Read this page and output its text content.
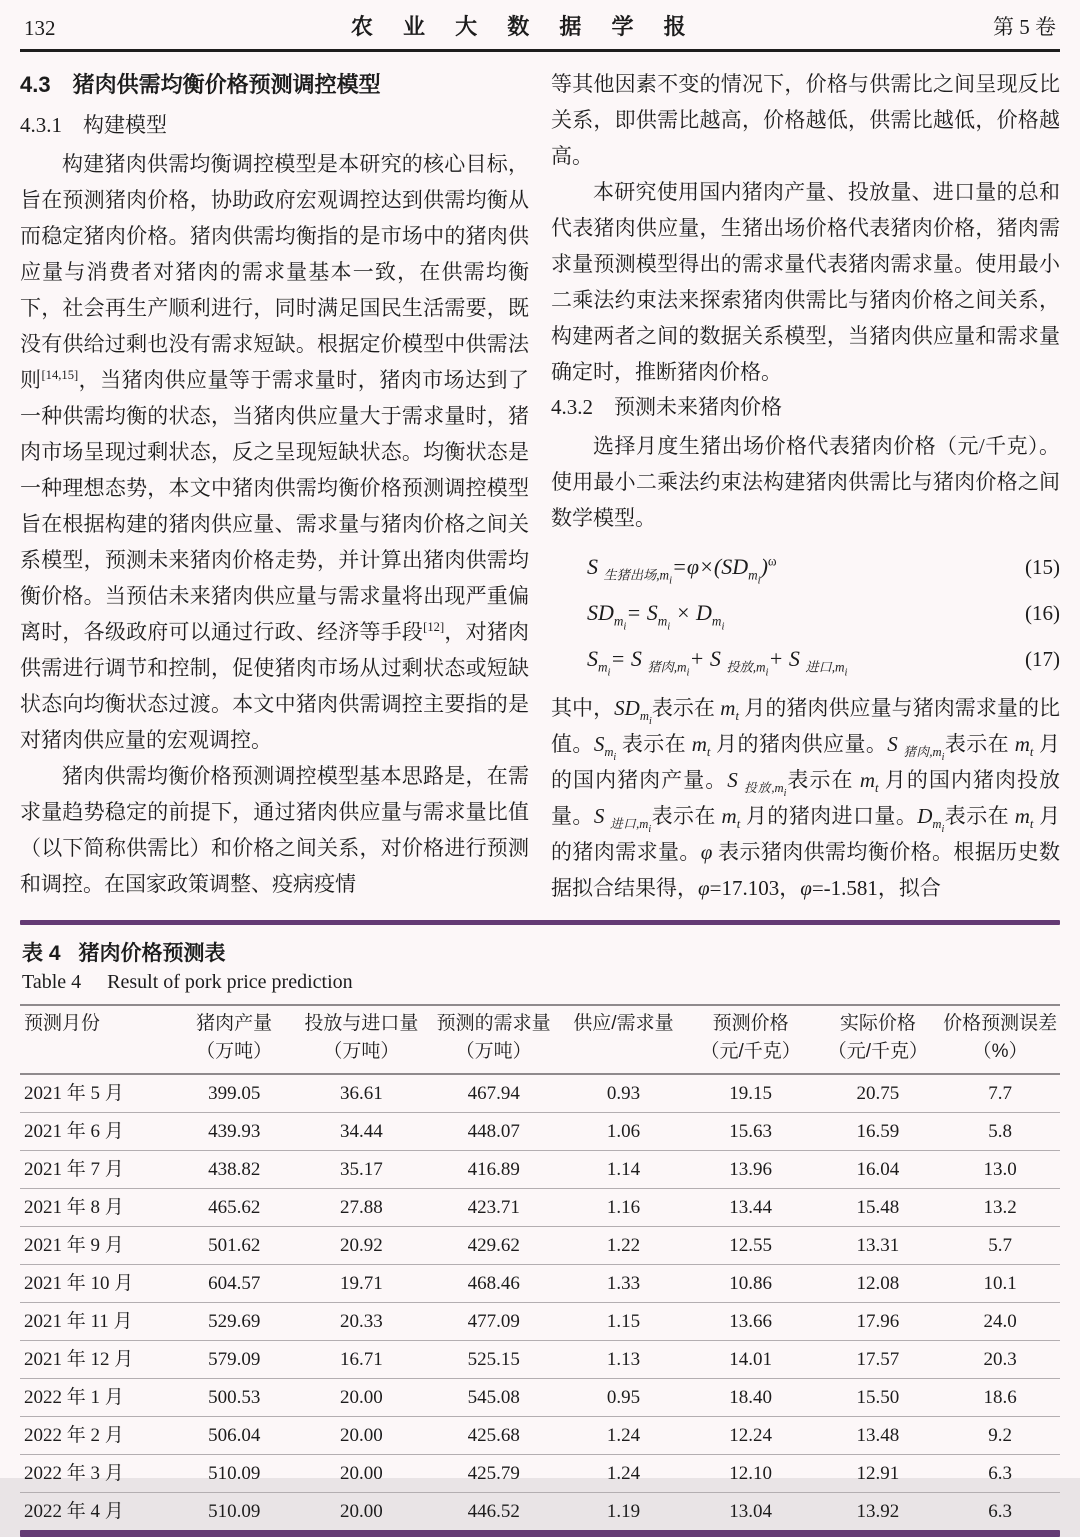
132	农 业 大 数 据 学 报	第 5 卷
4.3　猪肉供需均衡价格预测调控模型
4.3.1　构建模型

构建猪肉供需均衡调控模型是本研究的核心目标，旨在预测猪肉价格，协助政府宏观调控达到供需均衡从而稳定猪肉价格。猪肉供需均衡指的是市场中的猪肉供应量与消费者对猪肉的需求量基本一致，在供需均衡下，社会再生产顺利进行，同时满足国民生活需要，既没有供给过剩也没有需求短缺。根据定价模型中供需法则[14,15]，当猪肉供应量等于需求量时，猪肉市场达到了一种供需均衡的状态，当猪肉供应量大于需求量时，猪肉市场呈现过剩状态，反之呈现短缺状态。均衡状态是一种理想态势，本文中猪肉供需均衡价格预测调控模型旨在根据构建的猪肉供应量、需求量与猪肉价格之间关系模型，预测未来猪肉价格走势，并计算出猪肉供需均衡价格。当预估未来猪肉供应量与需求量将出现严重偏离时，各级政府可以通过行政、经济等手段[12]，对猪肉供需进行调节和控制，促使猪肉市场从过剩状态或短缺状态向均衡状态过渡。本文中猪肉供需调控主要指的是对猪肉供应量的宏观调控。

猪肉供需均衡价格预测调控模型基本思路是，在需求量趋势稳定的前提下，通过猪肉供应量与需求量比值（以下简称供需比）和价格之间关系，对价格进行预测和调控。在国家政策调整、疫病疫情

等其他因素不变的情况下，价格与供需比之间呈现反比关系，即供需比越高，价格越低，供需比越低，价格越高。

本研究使用国内猪肉产量、投放量、进口量的总和代表猪肉供应量，生猪出场价格代表猪肉价格，猪肉需求量预测模型得出的需求量代表猪肉需求量。使用最小二乘法约束法来探索猪肉供需比与猪肉价格之间关系，构建两者之间的数据关系模型，当猪肉供应量和需求量确定时，推断猪肉价格。

4.3.2　预测未来猪肉价格

选择月度生猪出场价格代表猪肉价格（元/千克）。使用最小二乘法约束法构建猪肉供需比与猪肉价格之间数学模型。

S $_{生猪出场,mi}=\varphi\times(SD_{mi})^\omega$	(15)
$SD_{mi}= S_{mi} \times D_{mi}$
(16)
$S_{mi}= S$ $_{猪肉,mi}$+ S $_{投放,mi}$+ S $_{进口,mi}$
(17)

其中，$SD_{mi}$表示在 $m_t$ 月的猪肉供应量与猪肉需求量的比值。$S_{mi}$ 表示在 $m_t$ 月的猪肉供应量。S $_{猪肉,mi}$表示在 $m_t$ 月的国内猪肉产量。S $_{投放,mi}$表示在 $m_t$ 月的国内猪肉投放量。S $_{进口,mi}$表示在 $m_t$ 月的猪肉进口量。$D_{mi}$表示在 $m_t$ 月的猪肉需求量。φ 表示猪肉供需均衡价格。根据历史数据拟合结果得，φ=17.103，φ=-1.581，拟合

表 4 猪肉价格预测表
Table 4 Result of pork price prediction
预测月份	猪肉产量	投放与进口量	预测的需求量	供应/需求量	预测价格	实际价格	价格预测误差
	（万吨）	（万吨）	（万吨）		（元/千克）	（元/千克）	（%）
2021 年 5 月	399.05	36.61	467.94	0.93	19.15	20.75	7.7
2021 年 6 月	439.93	34.44	448.07	1.06	15.63	16.59	5.8
2021 年 7 月	438.82	35.17	416.89	1.14	13.96	16.04	13.0
2021 年 8 月	465.62	27.88	423.71	1.16	13.44	15.48	13.2
2021 年 9 月	501.62	20.92	429.62	1.22	12.55	13.31	5.7
2021 年 10 月	604.57	19.71	468.46	1.33	10.86	12.08	10.1
2021 年 11 月	529.69	20.33	477.09	1.15	13.66	17.96	24.0
2021 年 12 月	579.09	16.71	525.15	1.13	14.01	17.57	20.3
2022 年 1 月	500.53	20.00	545.08	0.95	18.40	15.50	18.6
2022 年 2 月	506.04	20.00	425.68	1.24	12.24	13.48	9.2
2022 年 3 月	510.09	20.00	425.79	1.24	12.10	12.91	6.3
2022 年 4 月	510.09	20.00	446.52	1.19	13.04	13.92	6.3
